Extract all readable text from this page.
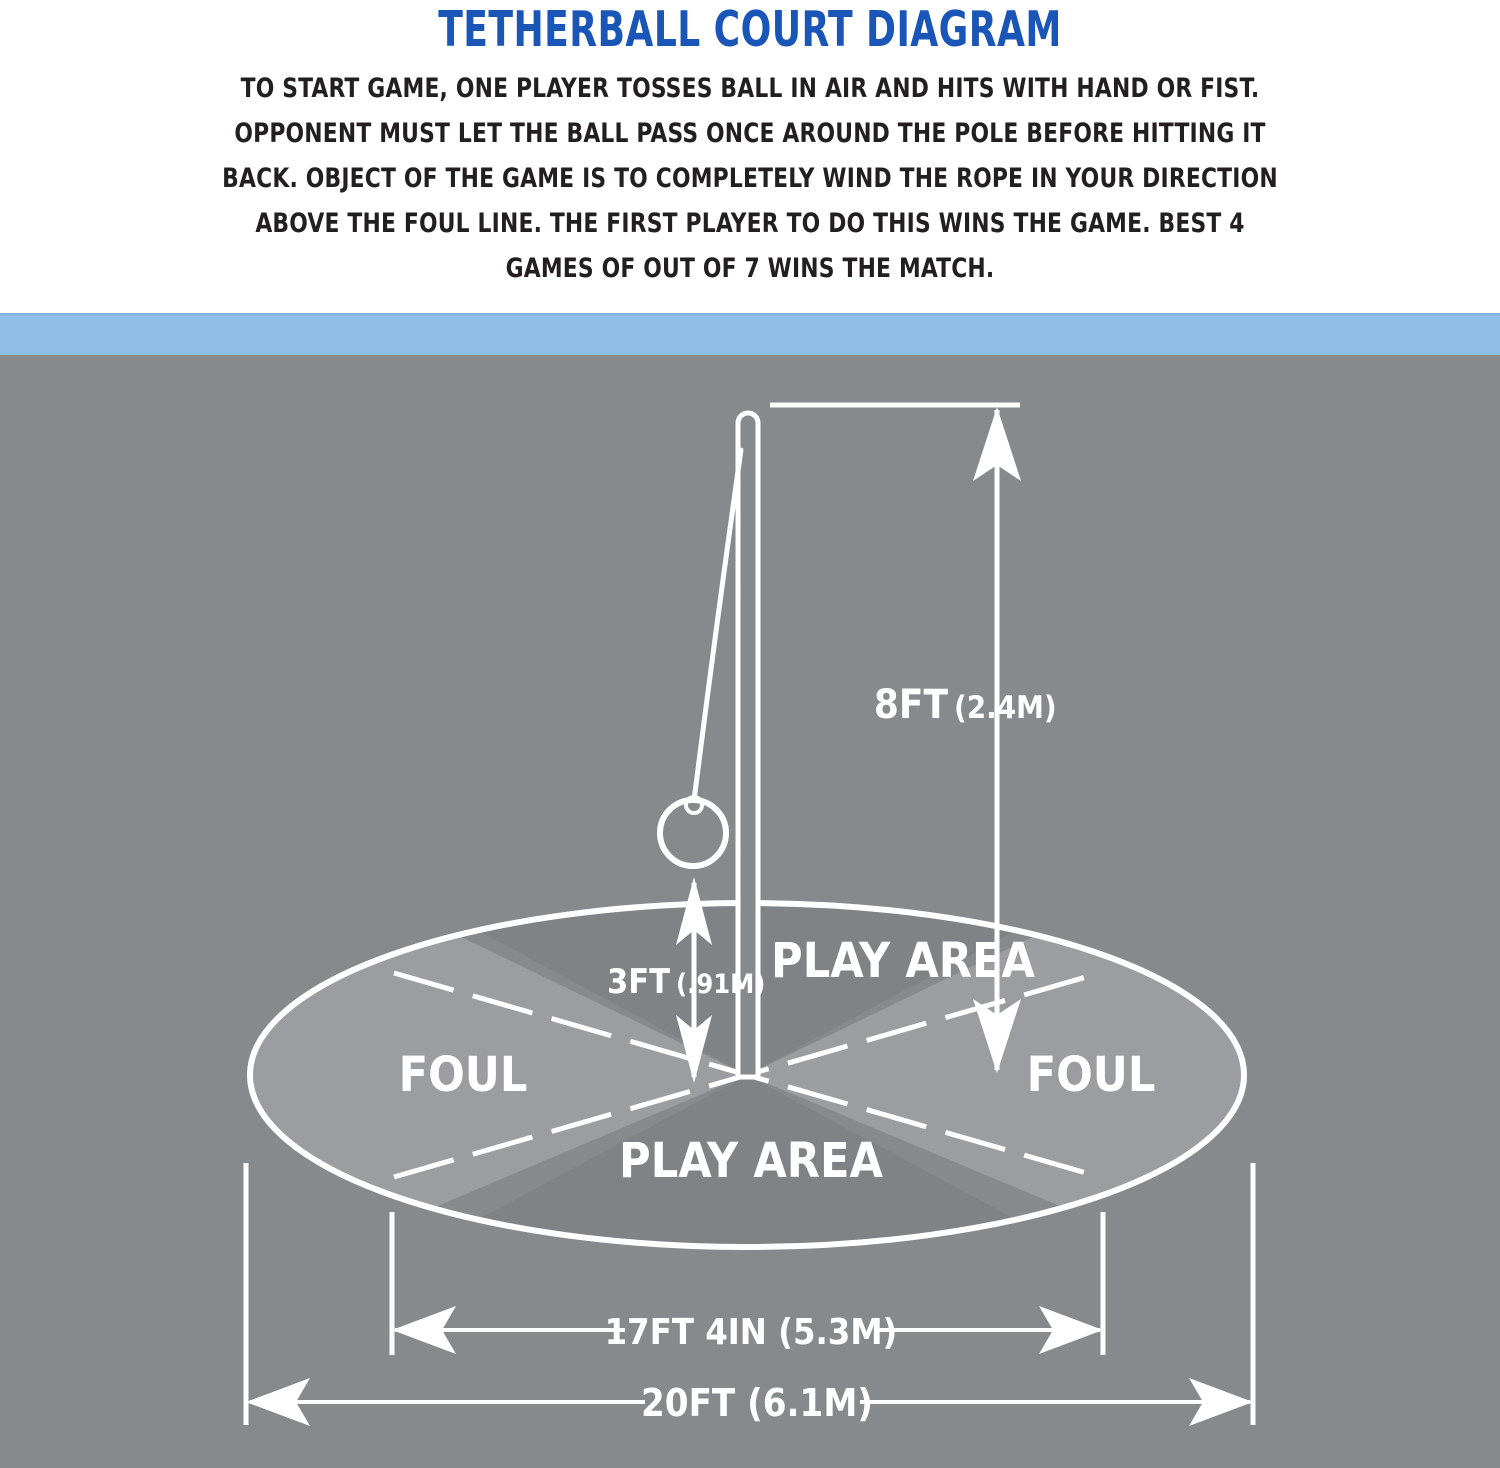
TETHERBALL COURT DIAGRAM

TO START GAME, ONE PLAYER TOSSES BALL IN AIR AND HITS WITH HAND OR FIST. OPPONENT MUST LET THE BALL PASS ONCE AROUND THE POLE BEFORE HITTING IT BACK. OBJECT OF THE GAME IS TO COMPLETELY WIND THE ROPE IN YOUR DIRECTION ABOVE THE FOUL LINE. THE FIRST PLAYER TO DO THIS WINS THE GAME. BEST 4 GAMES OF OUT OF 7 WINS THE MATCH.

8FT (2.4M)
3FT (.91M) PLAY AREA
PLAY AREA
FOUL	FOUL
17FT 4IN (5.3M)
20FT (6.1M)
